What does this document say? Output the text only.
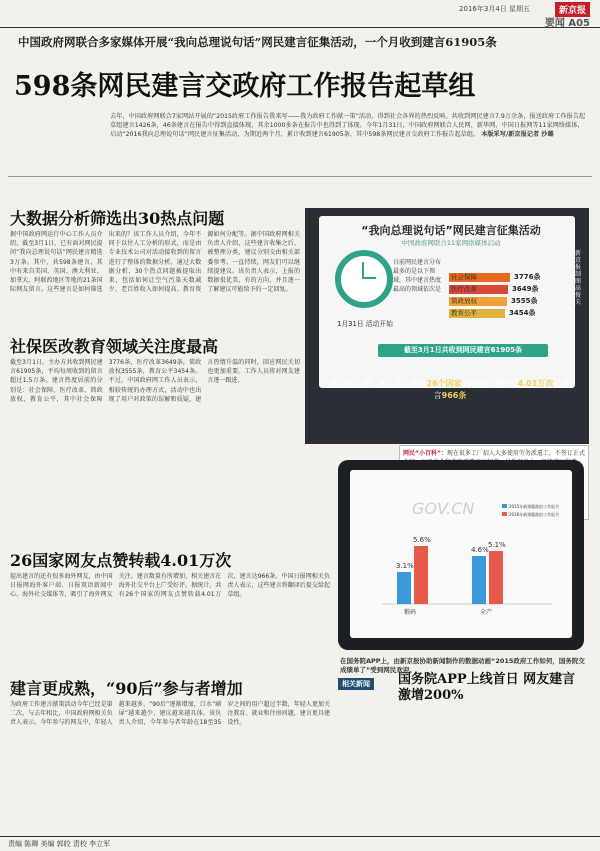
2016年3月4日 星期五	新京报
要闻 A05
中国政府网联合多家媒体开展“我向总理说句话”网民建言征集活动，一个月收到建言61905条
598条网民建言交政府工作报告起草组
去年，中国政府网联合7家网站开展的“2015政府工作报告我来写——我为政府工作献一策”活动，得到社会各界的热烈反响。共收到网民建言7.9万余条，报送政府工作报告起草组建言1426条，46条建言在报告中得到直接体现，其余1000多条在报告中也得到了体现。今年1月31日，中国政府网联合人民网、新华网、中国日报网等11家网络媒体，启动“2016我向总理说句话”网民建言征集活动，为期近两个月，累计收到建言61905条，其中598条网民建言交政府工作报告起草组。 本版采写/新京报记者 沙璐
大数据分析筛选出30热点问题
据中国政府网运行中心工作人员介绍，截至3月1日，已有面对网民提问“我向总理说句话”网民建言精选3万条。其中，共598条建言，其中有来自美国、英国、澳大利亚、加拿大、阿联酋地区等地的21条国际网友留言。这些建言是如何筛选出来的？该工作人员介绍，今年不同于以往人工分析的形式，而是由专业技术公司对活动接收到的留言进行了整体的数据分析，通过大数据分析，30个热点问题被提取出来，包括如何让空气污染天数减少、老百姓收入如何提高、教育资源如何分配等。据中国政府网相关负责人介绍，这些建言收集之后，被整理分类，建议分别交由相关部委参考。一直持续，网友们可以继续提建议。该负责人表示，上报的数据很优美，有的方向，并且逐一了解建议可能给予的一定回复。
社保医改教育领域关注度最高
截至3月1日，主办方共收到网民建言61905条，平均每周收到的留言超过1.5万条。建言热度居前的分别是：社会保障、医疗改革、简政放权、教育公平，其中社会保障3776条，医疗改革3649条，简政放权3555条，教育公平3454条。不过，中国政府网工作人员表示，相较传统的办理方式，活动中也出现了用户对政策的误解和质疑，建言热情升温的同时，回应网民关切也更加重要。工作人员将对网友建言逐一跟进。
26国家网友点赞转载4.01万次
提出建言的还有很多海外网友，由中国日报网海外客户端、日报双语新闻中心、海外社交媒体等，吸引了海外网友关注。建言数量有所增加，相关建言在海外社交平台上广受好评。据统计，共有26个国家的网友点赞转载4.01万次，建言达966条。中国日报网相关负责人表示，这些建言将翻译后提交给起草组。
建言更成熟，“90后”参与者增加
为政府工作建言献策活动今年已经是第二次，与去年相比，中国政府网相关负责人表示，今年参与的网友中，年轻人越来越多，“90后”逐渐增加，口水“刷屏”越来越少，建议越来越具体。该负责人介绍，今年参与者年龄在18至35岁之间的用户超过半数，年轻人更加关注教育、就业和住房问题，建言更具建设性。
“我向总理说句话”网民建言征集活动
中国政府网联合11家网络媒体启动
1月31日 活动开始
日前网民建言分布最多的是以下领域，其中建言热度最高的领域依次是
社会保障	3776条
医疗改革	3649条
简政放权	3555条
教育公平	3454条
新京报制图 高俊夫
截至3月1日共收到网民建言61905条
来自美、俄、加、英、德等26个国家的网友点赞转载4.01万次，建言966条
网民“小百科”：现在很多工厂招人大多使用劳务派遣工，不签订正式
GOV.CN
3.1%
5.6%
4.6%
5.1%
粮码	全产
2015年新课题政府工作报告
2016年新课题政府工作报告
在国务院APP上，由新京报协助新闻制作的数据动画“2015政府工作如何，国务院交成绩单了”受到网民欢迎。
相关新闻	国务院APP上线首日 网友建言激增200%
责编 陈卿 美编 郭皎 责校 李立军
